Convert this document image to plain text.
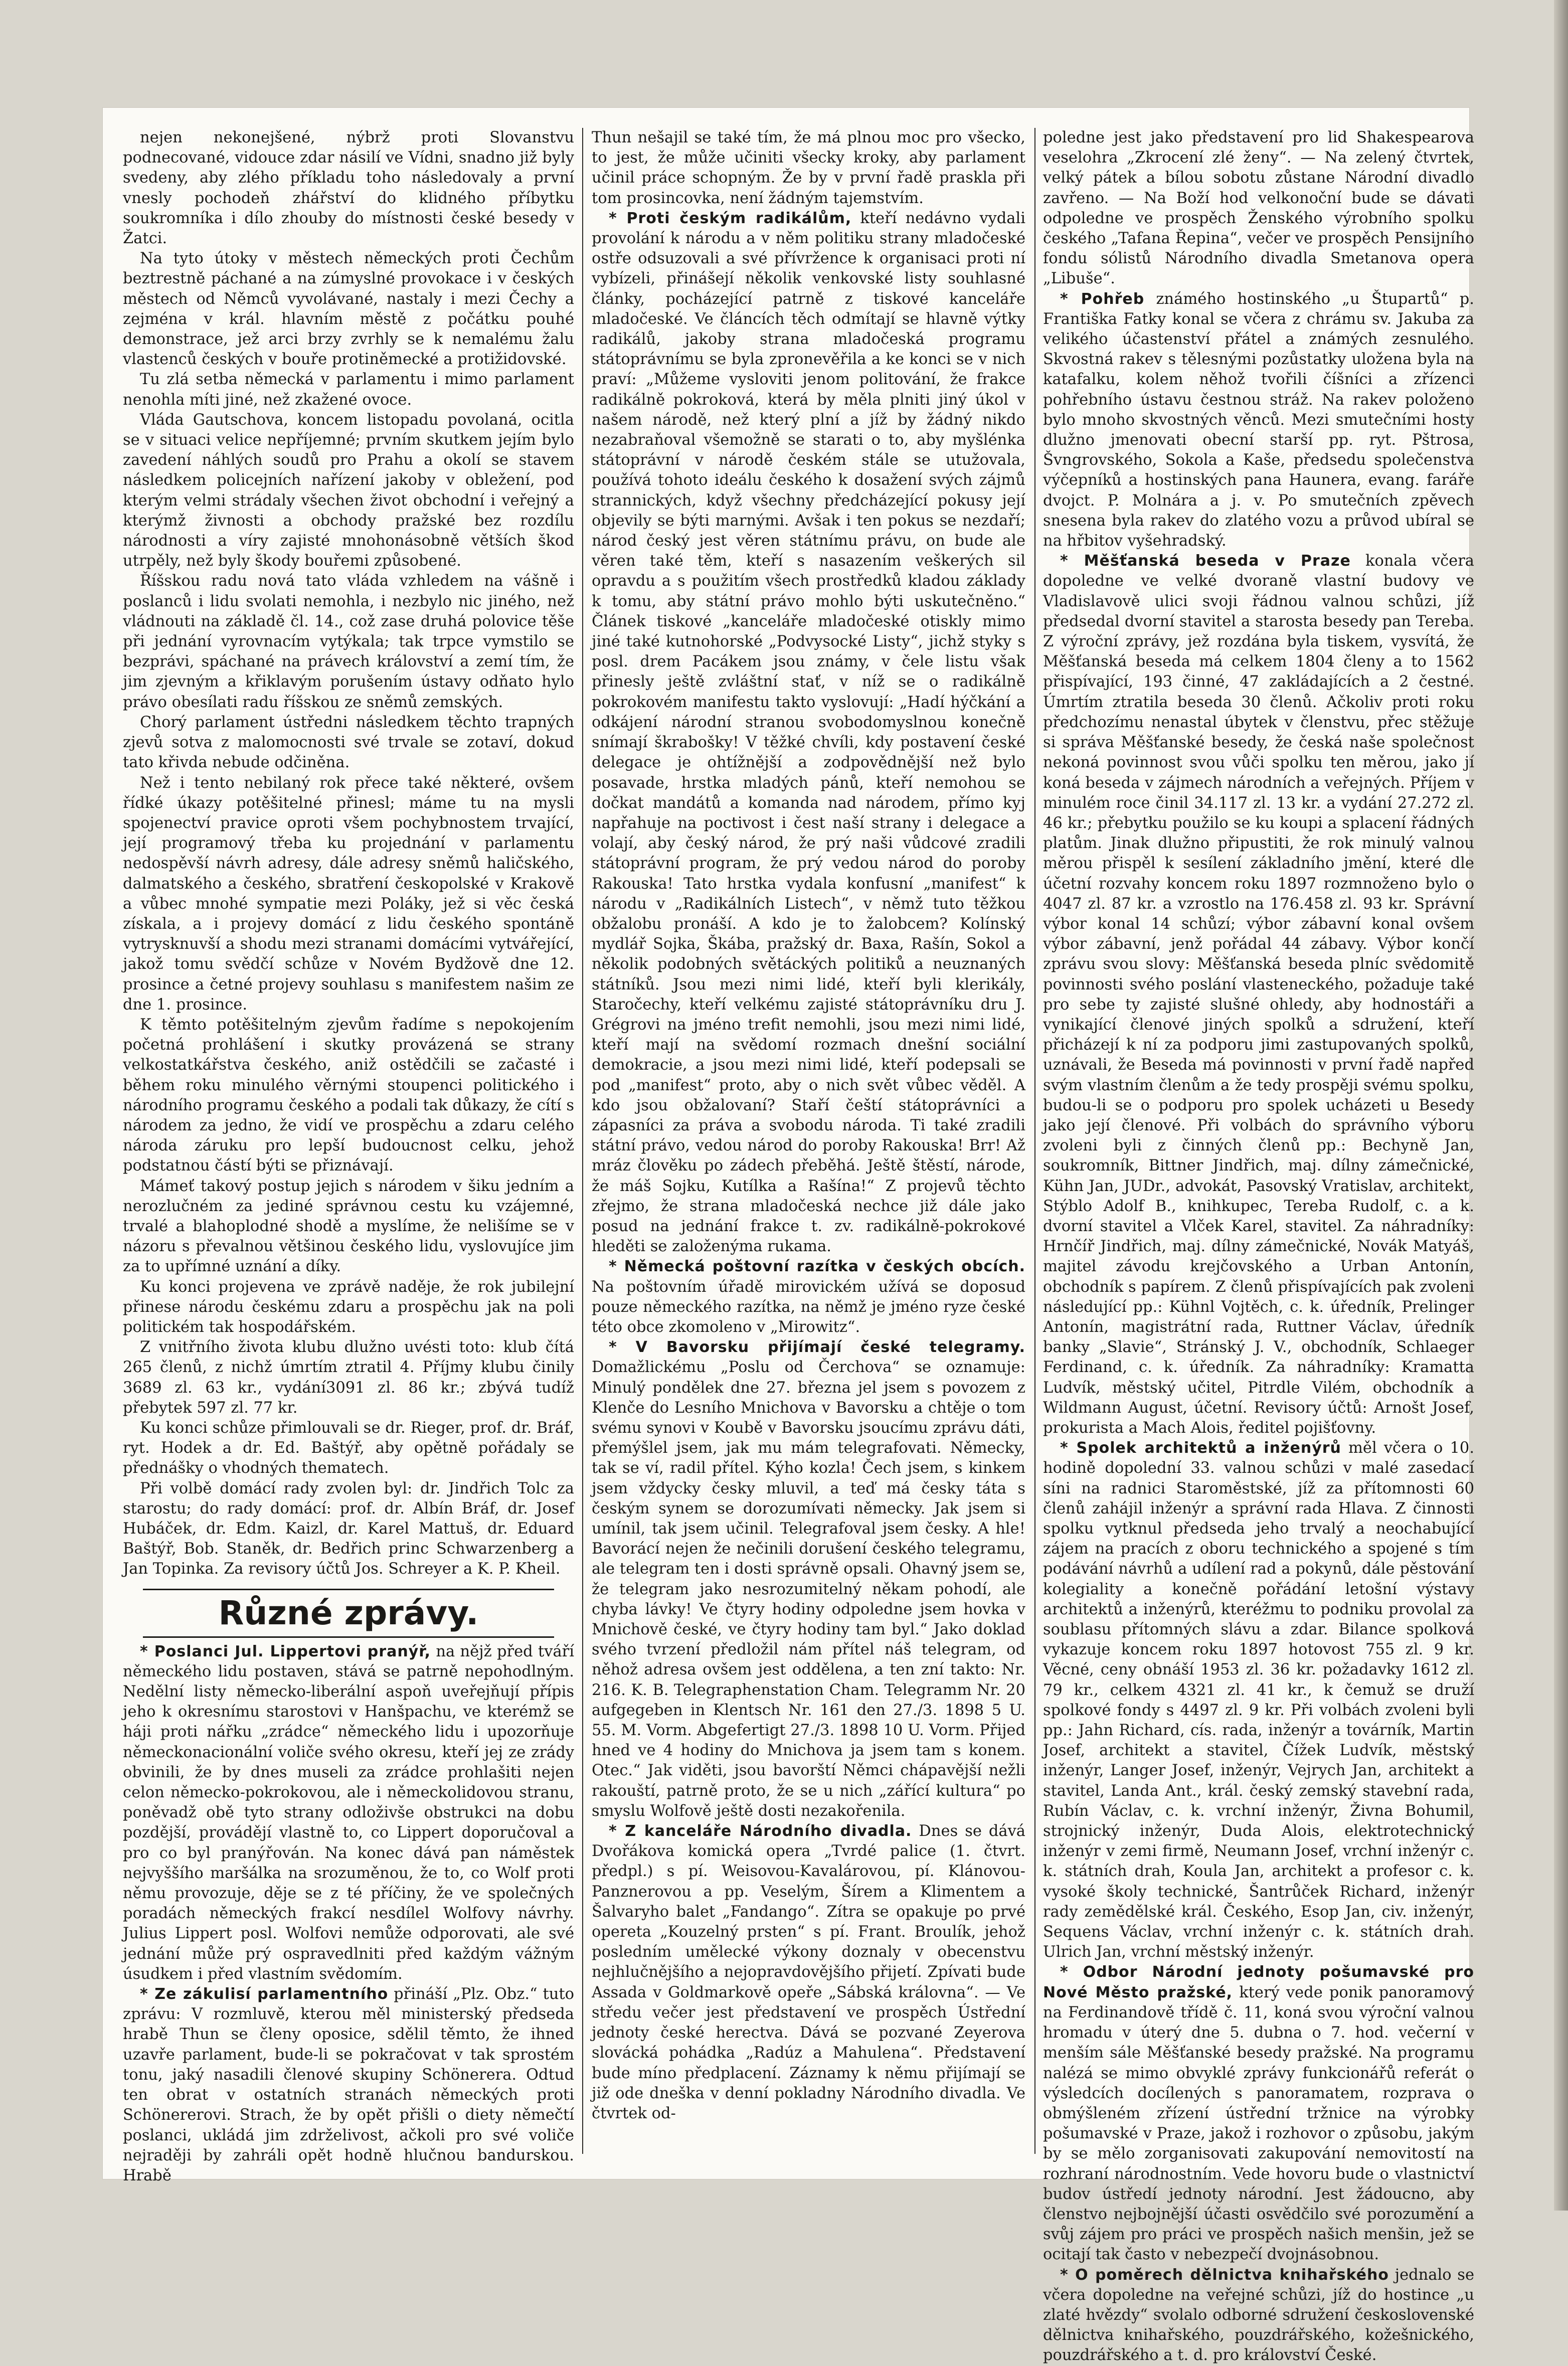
nejen nekonejšené, nýbrž proti Slovanstvu podnecované, vidouce zdar násilí ve Vídni, snadno již byly svedeny, aby zlého příkladu toho následovaly a první vnesly pochodeň zhářství do klidného příbytku soukromníka i dílo zhouby do místnosti české besedy v Žatci.

Na tyto útoky v městech německých proti Čechům beztrestně páchané a na zúmyslné provokace i v českých městech od Němců vyvolávané, nastaly i mezi Čechy a zejména v král. hlavním městě z počátku pouhé demonstrace, jež arci brzy zvrhly se k nemalému žalu vlastenců českých v bouře protiněmecké a protižidovské.

Tu zlá setba německá v parlamentu i mimo parlament nenohla míti jiné, než zkažené ovoce.

Vláda Gautschova, koncem listopadu povolaná, ocitla se v situaci velice nepříjemné; prvním skutkem jejím bylo zavedení náhlých soudů pro Prahu a okolí se stavem následkem policejních nařízení jakoby v obležení, pod kterým velmi strádaly všechen život obchodní i veřejný a kterýmž živnosti a obchody pražské bez rozdílu národnosti a víry zajisté mnohonásobně větších škod utrpěly, než byly škody bouřemi způsobené.

Říšskou radu nová tato vláda vzhledem na vášně i poslanců i lidu svolati nemohla, i nezbylo nic jiného, než vládnouti na základě čl. 14., což zase druhá polovice těše při jednání vyrovnacím vytýkala; tak trpce vymstilo se bezprávi, spáchané na právech království a zemí tím, že jim zjevným a křiklavým porušením ústavy odňato hylo právo obesílati radu říšskou ze sněmů zemských.

Chorý parlament ústředni následkem těchto trapných zjevů sotva z malomocnosti své trvale se zotaví, dokud tato křivda nebude odčiněna.

Než i tento nebilaný rok přece také některé, ovšem řídké úkazy potěšitelné přinesl; máme tu na mysli spojenectví pravice oproti všem pochybnostem trvající, její programový třeba ku projednání v parlamentu nedospěvší návrh adresy, dále adresy sněmů haličského, dalmatského a českého, sbratření českopolské v Krakově a vůbec mnohé sympatie mezi Poláky, jež si věc česká získala, a i projevy domácí z lidu českého spontáně vytrysknuvší a shodu mezi stranami domácími vytvářející, jakož tomu svědčí schůze v Novém Bydžově dne 12. prosince a četné projevy souhlasu s manifestem našim ze dne 1. prosince.

K těmto potěšitelným zjevům řadíme s nepokojením početná prohlášení i skutky provázená se strany velkostatkářstva českého, aniž ostědčili se začasté i během roku minulého věrnými stoupenci politického i národního programu českého a podali tak důkazy, že cítí s národem za jedno, že vidí ve prospěchu a zdaru celého národa záruku pro lepší budoucnost celku, jehož podstatnou částí býti se přiznávají.

Mámeť takový postup jejich s národem v šiku jedním a nerozlučném za jediné správnou cestu ku vzájemné, trvalé a blahoplodné shodě a myslíme, že nelišíme se v názoru s převalnou většinou českého lidu, vyslovujíce jim za to upřímné uznání a díky.

Ku konci projevena ve zprávě naděje, že rok jubilejní přinese národu českému zdaru a prospěchu jak na poli politickém tak hospodářském.

Z vnitřního života klubu dlužno uvésti toto: klub čítá 265 členů, z nichž úmrtím ztratil 4. Příjmy klubu činily 3689 zl. 63 kr., vydání3091 zl. 86 kr.; zbývá tudíž přebytek 597 zl. 77 kr.

Ku konci schůze přimlouvali se dr. Rieger, prof. dr. Bráf, ryt. Hodek a dr. Ed. Baštýř, aby opětně pořádaly se přednášky o vhodných thematech.

Při volbě domácí rady zvolen byl: dr. Jindřich Tolc za starostu; do rady domácí: prof. dr. Albín Bráf, dr. Josef Hubáček, dr. Edm. Kaizl, dr. Karel Mattuš, dr. Eduard Baštýř, Bob. Staněk, dr. Bedřich princ Schwarzenberg a Jan Topinka. Za revisory účtů Jos. Schreyer a K. P. Kheil.

Různé zprávy.

* Poslanci Jul. Lippertovi pranýř, na nějž před tváří německého lidu postaven, stává se patrně nepohodlným. Nedělní listy německo-liberální aspoň uveřejňují přípis jeho k okresnímu starostovi v Hanšpachu, ve kterémž se háji proti nářku „zrádce“ německého lidu i upozorňuje německonacionální voliče svého okresu, kteří jej ze zrády obvinili, že by dnes museli za zrádce prohlašiti nejen celon německo-pokrokovou, ale i německolidovou stranu, poněvadž obě tyto strany odloživše obstrukci na dobu pozdější, provádějí vlastně to, co Lippert doporučoval a pro co byl pranýřován. Na konec dává pan náměstek nejvyššího maršálka na srozuměnou, že to, co Wolf proti němu provozuje, děje se z té příčiny, že ve společných poradách německých frakcí nesdílel Wolfovy návrhy. Julius Lippert posl. Wolfovi nemůže odporovati, ale své jednání může prý ospravedlniti před každým vážným úsudkem i před vlastním svědomím.

* Ze zákulisí parlamentního přináší „Plz. Obz.“ tuto zprávu: V rozmluvě, kterou měl ministerský předseda hrabě Thun se členy oposice, sdělil těmto, že ihned uzavře parlament, bude-li se pokračovat v tak sprostém tonu, jaký nasadili členové skupiny Schönerera. Odtud ten obrat v ostatních stranách německých proti Schönererovi. Strach, že by opět přišli o diety němečtí poslanci, ukládá jim zdrželivost, ačkoli pro své voliče nejraději by zahráli opět hodně hlučnou bandurskou. Hrabě

Thun nešajil se také tím, že má plnou moc pro všecko, to jest, že může učiniti všecky kroky, aby parlament učinil práce schopným. Že by v první řadě praskla při tom prosincovka, není žádným tajemstvím.

* Proti českým radikálům, kteří nedávno vydali provolání k národu a v něm politiku strany mladočeské ostře odsuzovali a své přívržence k organisaci proti ní vybízeli, přinášejí několik venkovské listy souhlasné články, pocházející patrně z tiskové kanceláře mladočeské. Ve článcích těch odmítají se hlavně výtky radikálů, jakoby strana mladočeská programu státoprávnímu se byla zpronevěřila a ke konci se v nich praví: „Můžeme vysloviti jenom politování, že frakce radikálně pokroková, která by měla plniti jiný úkol v našem národě, než který plní a jíž by žádný nikdo nezabraňoval všemožně se starati o to, aby myšlénka státoprávní v národě českém stále se utužovala, používá tohoto ideálu českého k dosažení svých zájmů strannických, když všechny předcházející pokusy její objevily se býti marnými. Avšak i ten pokus se nezdaří; národ český jest věren státnímu právu, on bude ale věren také těm, kteří s nasazením veškerých sil opravdu a s použitím všech prostředků kladou základy k tomu, aby státní právo mohlo býti uskutečněno.“ Článek tiskové „kanceláře mladočeské otiskly mimo jiné také kutnohorské „Podvysocké Listy“, jichž styky s posl. drem Pacákem jsou známy, v čele listu však přinesly ještě zvláštní stať, v níž se o radikálně pokrokovém manifestu takto vyslovují: „Hadí hýčkání a odkájení národní stranou svobodomyslnou konečně snímají škrabošky! V těžké chvíli, kdy postavení české delegace je ohtížnější a zodpovědnější než bylo posavade, hrstka mladých pánů, kteří nemohou se dočkat mandátů a komanda nad národem, přímo kyj napřahuje na poctivost i čest naší strany i delegace a volají, aby český národ, že prý naši vůdcové zradili státoprávní program, že prý vedou národ do poroby Rakouska! Tato hrstka vydala konfusní „manifest“ k národu v „Radikálních Listech“, v němž tuto těžkou obžalobu pronáší. A kdo je to žalobcem? Kolínský mydlář Sojka, Škába, pražský dr. Baxa, Rašín, Sokol a několik podobných světáckých politiků a neuznaných státníků. Jsou mezi nimi lidé, kteří byli klerikály, Staročechy, kteří velkému zajisté státoprávníku dru J. Grégrovi na jméno trefit nemohli, jsou mezi nimi lidé, kteří mají na svědomí rozmach dnešní sociální demokracie, a jsou mezi nimi lidé, kteří podepsali se pod „manifest“ proto, aby o nich svět vůbec věděl. A kdo jsou obžalovaní? Staří čeští státoprávníci a zápasníci za práva a svobodu národa. Ti také zradili státní právo, vedou národ do poroby Rakouska! Brr! Až mráz člověku po zádech přeběhá. Ještě štěstí, národe, že máš Sojku, Kutílka a Rašína!“ Z projevů těchto zřejmo, že strana mladočeská nechce již dále jako posud na jednání frakce t. zv. radikálně-pokrokové hleděti se založenýma rukama.

* Německá poštovní razítka v českých obcích. Na poštovním úřadě mirovickém užívá se doposud pouze německého razítka, na němž je jméno ryze české této obce zkomoleno v „Mirowitz“.

* V Bavorsku přijímají české telegramy. Domažlickému „Poslu od Čerchova“ se oznamuje: Minulý pondělek dne 27. března jel jsem s povozem z Klenče do Lesního Mnichova v Bavorsku a chtěje o tom svému synovi v Koubě v Bavorsku jsoucímu zprávu dáti, přemýšlel jsem, jak mu mám telegrafovati. Německy, tak se ví, radil přítel. Kýho kozla! Čech jsem, s kinkem jsem vždycky česky mluvil, a teď má česky táta s českým synem se dorozumívati německy. Jak jsem si umínil, tak jsem učinil. Telegrafoval jsem česky. A hle! Bavorácí nejen že nečinili dorušení českého telegramu, ale telegram ten i dosti správně opsali. Ohavný jsem se, že telegram jako nesrozumitelný někam pohodí, ale chyba lávky! Ve čtyry hodiny odpoledne jsem hovka v Mnichově české, ve čtyry hodiny tam byl.“ Jako doklad svého tvrzení předložil nám přítel náš telegram, od něhož adresa ovšem jest oddělena, a ten zní takto: Nr. 216. K. B. Telegraphenstation Cham. Telegramm Nr. 20 aufgegeben in Klentsch Nr. 161 den 27./3. 1898 5 U. 55. M. Vorm. Abgefertigt 27./3. 1898 10 U. Vorm. Přijed hned ve 4 hodiny do Mnichova ja jsem tam s konem. Otec.“ Jak viděti, jsou bavorští Němci chápavější nežli rakouští, patrně proto, že se u nich „zářící kultura“ po smyslu Wolfově ještě dosti nezakořenila.

* Z kanceláře Národního divadla. Dnes se dává Dvořákova komická opera „Tvrdé palice (1. čtvrt. předpl.) s pí. Weisovou-Kavalárovou, pí. Klánovou-Panznerovou a pp. Veselým, Šírem a Klimentem a Šalvaryho balet „Fandango“. Zítra se opakuje po prvé opereta „Kouzelný prsten“ s pí. Frant. Broulík, jehož posledním umělecké výkony doznaly v obecenstvu nejhlučnějšího a nejopravdovějšího přijetí. Zpívati bude Assada v Goldmarkově opeře „Sábská královna“. — Ve středu večer jest představení ve prospěch Ústřední jednoty české herectva. Dává se pozvané Zeyerova slovácká pohádka „Radúz a Mahulena“. Představení bude míno předplacení. Záznamy k němu přijímají se již ode dneška v denní pokladny Národního divadla. Ve čtvrtek od-

poledne jest jako představení pro lid Shakespearova veselohra „Zkrocení zlé ženy“. — Na zelený čtvrtek, velký pátek a bílou sobotu zůstane Národní divadlo zavřeno. — Na Boží hod velkonoční bude se dávati odpoledne ve prospěch Ženského výrobního spolku českého „Tafana Řepina“, večer ve prospěch Pensijního fondu sólistů Národního divadla Smetanova opera „Libuše“.

* Pohřeb známého hostinského „u Štupartů“ p. Františka Fatky konal se včera z chrámu sv. Jakuba za velikého účastenství přátel a známých zesnulého. Skvostná rakev s tělesnými pozůstatky uložena byla na katafalku, kolem něhož tvořili číšníci a zřízenci pohřebního ústavu čestnou stráž. Na rakev položeno bylo mnoho skvostných věnců. Mezi smutečními hosty dlužno jmenovati obecní starší pp. ryt. Pštrosa, Švngrovského, Sokola a Kaše, předsedu společenstva výčepníků a hostinských pana Haunera, evang. faráře dvojct. P. Molnára a j. v. Po smutečních zpěvech snesena byla rakev do zlatého vozu a průvod ubíral se na hřbitov vyšehradský.

* Měšťanská beseda v Praze konala včera dopoledne ve velké dvoraně vlastní budovy ve Vladislavově ulici svoji řádnou valnou schůzi, jíž předsedal dvorní stavitel a starosta besedy pan Tereba. Z výroční zprávy, jež rozdána byla tiskem, vysvítá, že Měšťanská beseda má celkem 1804 členy a to 1562 přispívající, 193 činné, 47 zakládajících a 2 čestné. Úmrtím ztratila beseda 30 členů. Ačkoliv proti roku předchozímu nenastal úbytek v členstvu, přec stěžuje si správa Měšťanské besedy, že česká naše společnost nekoná povinnost svou vůči spolku ten měrou, jako jí koná beseda v zájmech národních a veřejných. Příjem v minulém roce činil 34.117 zl. 13 kr. a vydání 27.272 zl. 46 kr.; přebytku použilo se ku koupi a splacení řádných platům. Jinak dlužno připustiti, že rok minulý valnou měrou přispěl k sesílení základního jmění, které dle účetní rozvahy koncem roku 1897 rozmnoženo bylo o 4047 zl. 87 kr. a vzrostlo na 176.458 zl. 93 kr. Správní výbor konal 14 schůzí; výbor zábavní konal ovšem výbor zábavní, jenž pořádal 44 zábavy. Výbor končí zprávu svou slovy: Měšťanská beseda plníc svědomitě povinnosti svého poslání vlasteneckého, požaduje také pro sebe ty zajisté slušné ohledy, aby hodnostáři a vynikající členové jiných spolků a sdružení, kteří přicházejí k ní za podporu jimi zastupovaných spolků, uznávali, že Beseda má povinnosti v první řadě napřed svým vlastním členům a že tedy prospěji svému spolku, budou-li se o podporu pro spolek ucházeti u Besedy jako její členové. Při volbách do správního výboru zvoleni byli z činných členů pp.: Bechyně Jan, soukromník, Bittner Jindřich, maj. dílny zámečnické, Kühn Jan, JUDr., advokát, Pasovský Vratislav, architekt, Stýblo Adolf B., knihkupec, Tereba Rudolf, c. a k. dvorní stavitel a Vlček Karel, stavitel. Za náhradníky: Hrnčíř Jindřich, maj. dílny zámečnické, Novák Matyáš, majitel závodu krejčovského a Urban Antonín, obchodník s papírem. Z členů přispívajících pak zvoleni následující pp.: Kühnl Vojtěch, c. k. úředník, Prelinger Antonín, magistrátní rada, Ruttner Václav, úředník banky „Slavie“, Stránský J. V., obchodník, Schlaeger Ferdinand, c. k. úředník. Za náhradníky: Kramatta Ludvík, městský učitel, Pitrdle Vilém, obchodník a Wildmann August, účetní. Revisory účtů: Arnošt Josef, prokurista a Mach Alois, ředitel pojišťovny.

* Spolek architektů a inženýrů měl včera o 10. hodině dopolední 33. valnou schůzi v malé zasedací síni na radnici Staroměstské, jíž za přítomnosti 60 členů zahájil inženýr a správní rada Hlava. Z činnosti spolku vytknul předseda jeho trvalý a neochabující zájem na pracích z oboru technického a spojené s tím podávání návrhů a udílení rad a pokynů, dále pěstování kolegiality a konečně pořádání letošní výstavy architektů a inženýrů, kteréžmu to podniku provolal za soublasu přítomných slávu a zdar. Bilance spolková vykazuje koncem roku 1897 hotovost 755 zl. 9 kr. Věcné, ceny obnáší 1953 zl. 36 kr. požadavky 1612 zl. 79 kr., celkem 4321 zl. 41 kr., k čemuž se druží spolkové fondy s 4497 zl. 9 kr. Při volbách zvoleni byli pp.: Jahn Richard, cís. rada, inženýr a továrník, Martin Josef, architekt a stavitel, Čížek Ludvík, městský inženýr, Langer Josef, inženýr, Vejrych Jan, architekt a stavitel, Landa Ant., král. český zemský stavební rada, Rubín Václav, c. k. vrchní inženýr, Živna Bohumil, strojnický inženýr, Duda Alois, elektrotechnický inženýr v zemi firmě, Neumann Josef, vrchní inženýr c. k. státních drah, Koula Jan, architekt a profesor c. k. vysoké školy technické, Šantrůček Richard, inženýr rady zemědělské král. Českého, Esop Jan, civ. inženýr, Sequens Václav, vrchní inženýr c. k. státních drah. Ulrich Jan, vrchní městský inženýr.

* Odbor Národní jednoty pošumavské pro Nové Město pražské, který vede ponik panoramový na Ferdinandově třídě č. 11, koná svou výroční valnou hromadu v úterý dne 5. dubna o 7. hod. večerní v menším sále Měšťanské besedy pražské. Na programu nalézá se mimo obvyklé zprávy funkcionářů referát o výsledcích docílených s panoramatem, rozprava o obmýšleném zřízení ústřední tržnice na výrobky pošumavské v Praze, jakož i rozhovor o způsobu, jakým by se mělo zorganisovati zakupování nemovitostí na rozhraní národnostním. Vede hovoru bude o vlastnictví budov ústředí jednoty národní. Jest žádoucno, aby členstvo nejbojnější účasti osvědčilo své porozumění a svůj zájem pro práci ve prospěch našich menšin, jež se ocitají tak často v nebezpečí dvojnásobnou.

* O poměrech dělnictva knihařského jednalo se včera dopoledne na veřejné schůzi, jíž do hostince „u zlaté hvězdy“ svolalo odborné sdružení československé dělnictva knihařského, pouzdrářského, kožešnického, pouzdrářského a t. d. pro království České.
